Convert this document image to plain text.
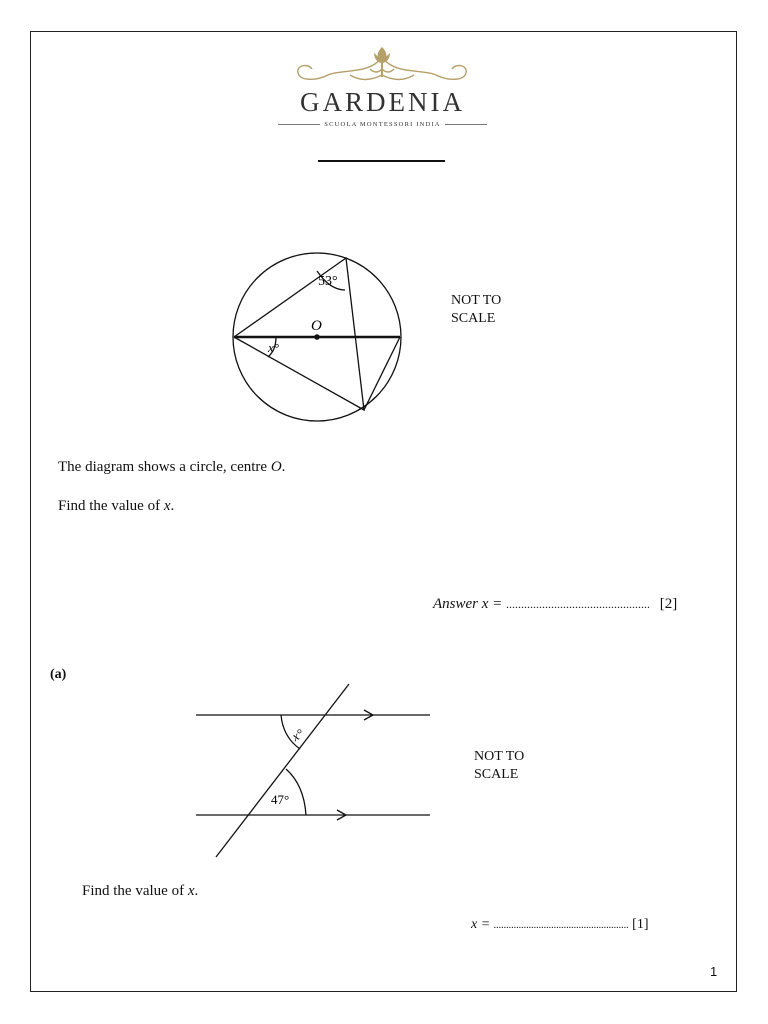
GARDENIA
SCUOLA MONTESSORI INDIA
53°
x°
O
NOT TO
SCALE
The diagram shows a circle, centre O.
Find the value of x.
Answer x = ................................................ [2]
(a)
x°
47°
NOT TO
SCALE
Find the value of x.
x = ...................................................... [1]
1
